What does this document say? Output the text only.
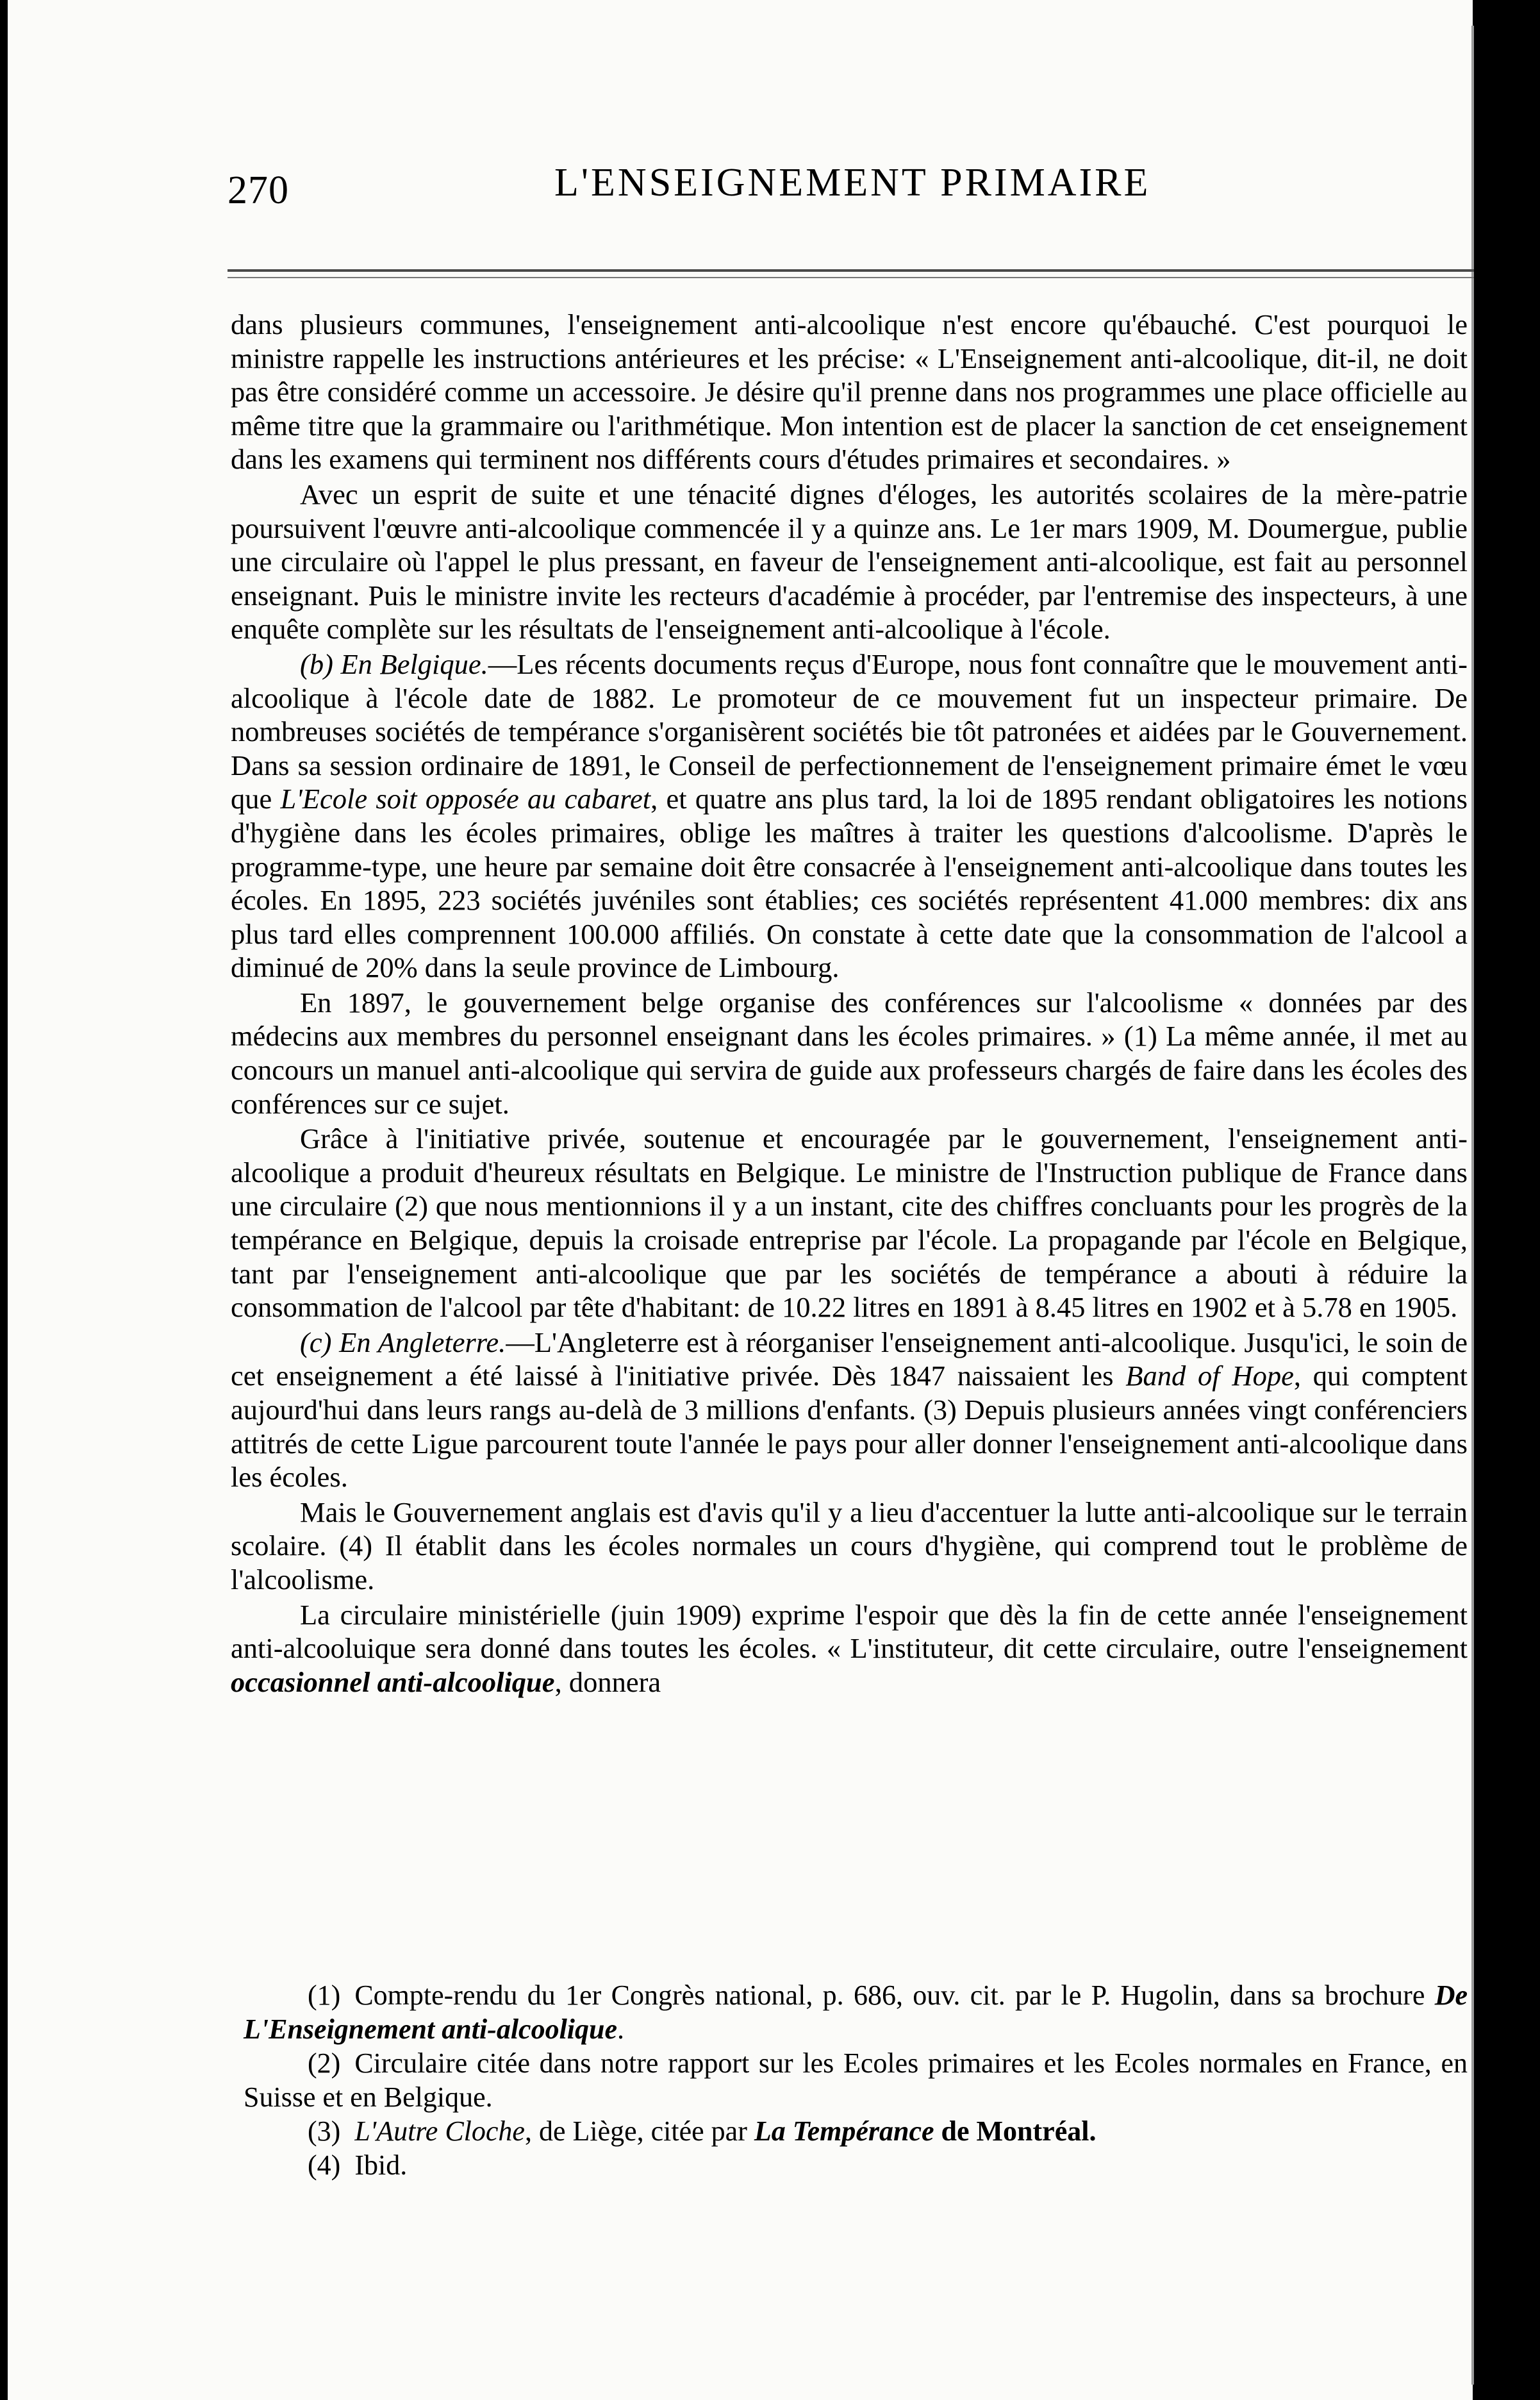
270	L'ENSEIGNEMENT PRIMAIRE

dans plusieurs communes, l'enseignement anti-alcoolique n'est encore qu'ébauché. C'est pourquoi le ministre rappelle les instructions antérieures et les précise: « L'Enseignement anti-alcoolique, dit-il, ne doit pas être considéré comme un accessoire. Je désire qu'il prenne dans nos programmes une place officielle au même titre que la grammaire ou l'arithmétique. Mon intention est de placer la sanction de cet enseignement dans les examens qui terminent nos différents cours d'études primaires et secondaires. »

Avec un esprit de suite et une ténacité dignes d'éloges, les autorités scolaires de la mère-patrie poursuivent l'œuvre anti-alcoolique commencée il y a quinze ans. Le 1er mars 1909, M. Doumergue, publie une circulaire où l'appel le plus pressant, en faveur de l'enseignement anti-alcoolique, est fait au personnel enseignant. Puis le ministre invite les recteurs d'académie à procéder, par l'entremise des inspecteurs, à une enquête complète sur les résultats de l'enseignement anti-alcoolique à l'école.

(b) En Belgique.—Les récents documents reçus d'Europe, nous font connaître que le mouvement anti-alcoolique à l'école date de 1882. Le promoteur de ce mouvement fut un inspecteur primaire. De nombreuses sociétés de tempérance s'organisèrent sociétés bie tôt patronées et aidées par le Gouvernement. Dans sa session ordinaire de 1891, le Conseil de perfectionnement de l'enseignement primaire émet le vœu que L'Ecole soit opposée au cabaret, et quatre ans plus tard, la loi de 1895 rendant obligatoires les notions d'hygiène dans les écoles primaires, oblige les maîtres à traiter les questions d'alcoolisme. D'après le programme-type, une heure par semaine doit être consacrée à l'enseignement anti-alcoolique dans toutes les écoles. En 1895, 223 sociétés juvéniles sont établies; ces sociétés représentent 41.000 membres: dix ans plus tard elles comprennent 100.000 affiliés. On constate à cette date que la consommation de l'alcool a diminué de 20% dans la seule province de Limbourg.

En 1897, le gouvernement belge organise des conférences sur l'alcoolisme « données par des médecins aux membres du personnel enseignant dans les écoles primaires. » (1) La même année, il met au concours un manuel anti-alcoolique qui servira de guide aux professeurs chargés de faire dans les écoles des conférences sur ce sujet.

Grâce à l'initiative privée, soutenue et encouragée par le gouvernement, l'enseignement anti-alcoolique a produit d'heureux résultats en Belgique. Le ministre de l'Instruction publique de France dans une circulaire (2) que nous mentionnions il y a un instant, cite des chiffres concluants pour les progrès de la tempérance en Belgique, depuis la croisade entreprise par l'école. La propagande par l'école en Belgique, tant par l'enseignement anti-alcoolique que par les sociétés de tempérance a abouti à réduire la consommation de l'alcool par tête d'habitant: de 10.22 litres en 1891 à 8.45 litres en 1902 et à 5.78 en 1905.

(c) En Angleterre.—L'Angleterre est à réorganiser l'enseignement anti-alcoolique. Jusqu'ici, le soin de cet enseignement a été laissé à l'initiative privée. Dès 1847 naissaient les Band of Hope, qui comptent aujourd'hui dans leurs rangs au-delà de 3 millions d'enfants. (3) Depuis plusieurs années vingt conférenciers attitrés de cette Ligue parcourent toute l'année le pays pour aller donner l'enseignement anti-alcoolique dans les écoles.

Mais le Gouvernement anglais est d'avis qu'il y a lieu d'accentuer la lutte anti-alcoolique sur le terrain scolaire. (4) Il établit dans les écoles normales un cours d'hygiène, qui comprend tout le problème de l'alcoolisme.

La circulaire ministérielle (juin 1909) exprime l'espoir que dès la fin de cette année l'enseignement anti-alcooluique sera donné dans toutes les écoles. « L'instituteur, dit cette circulaire, outre l'enseignement occasionnel anti-alcoolique, donnera

(1) Compte-rendu du 1er Congrès national, p. 686, ouv. cit. par le P. Hugolin, dans sa brochure De L'Enseignement anti-alcoolique.

(2) Circulaire citée dans notre rapport sur les Ecoles primaires et les Ecoles normales en France, en Suisse et en Belgique.

(3) L'Autre Cloche, de Liège, citée par La Tempérance de Montréal.

(4) Ibid.
